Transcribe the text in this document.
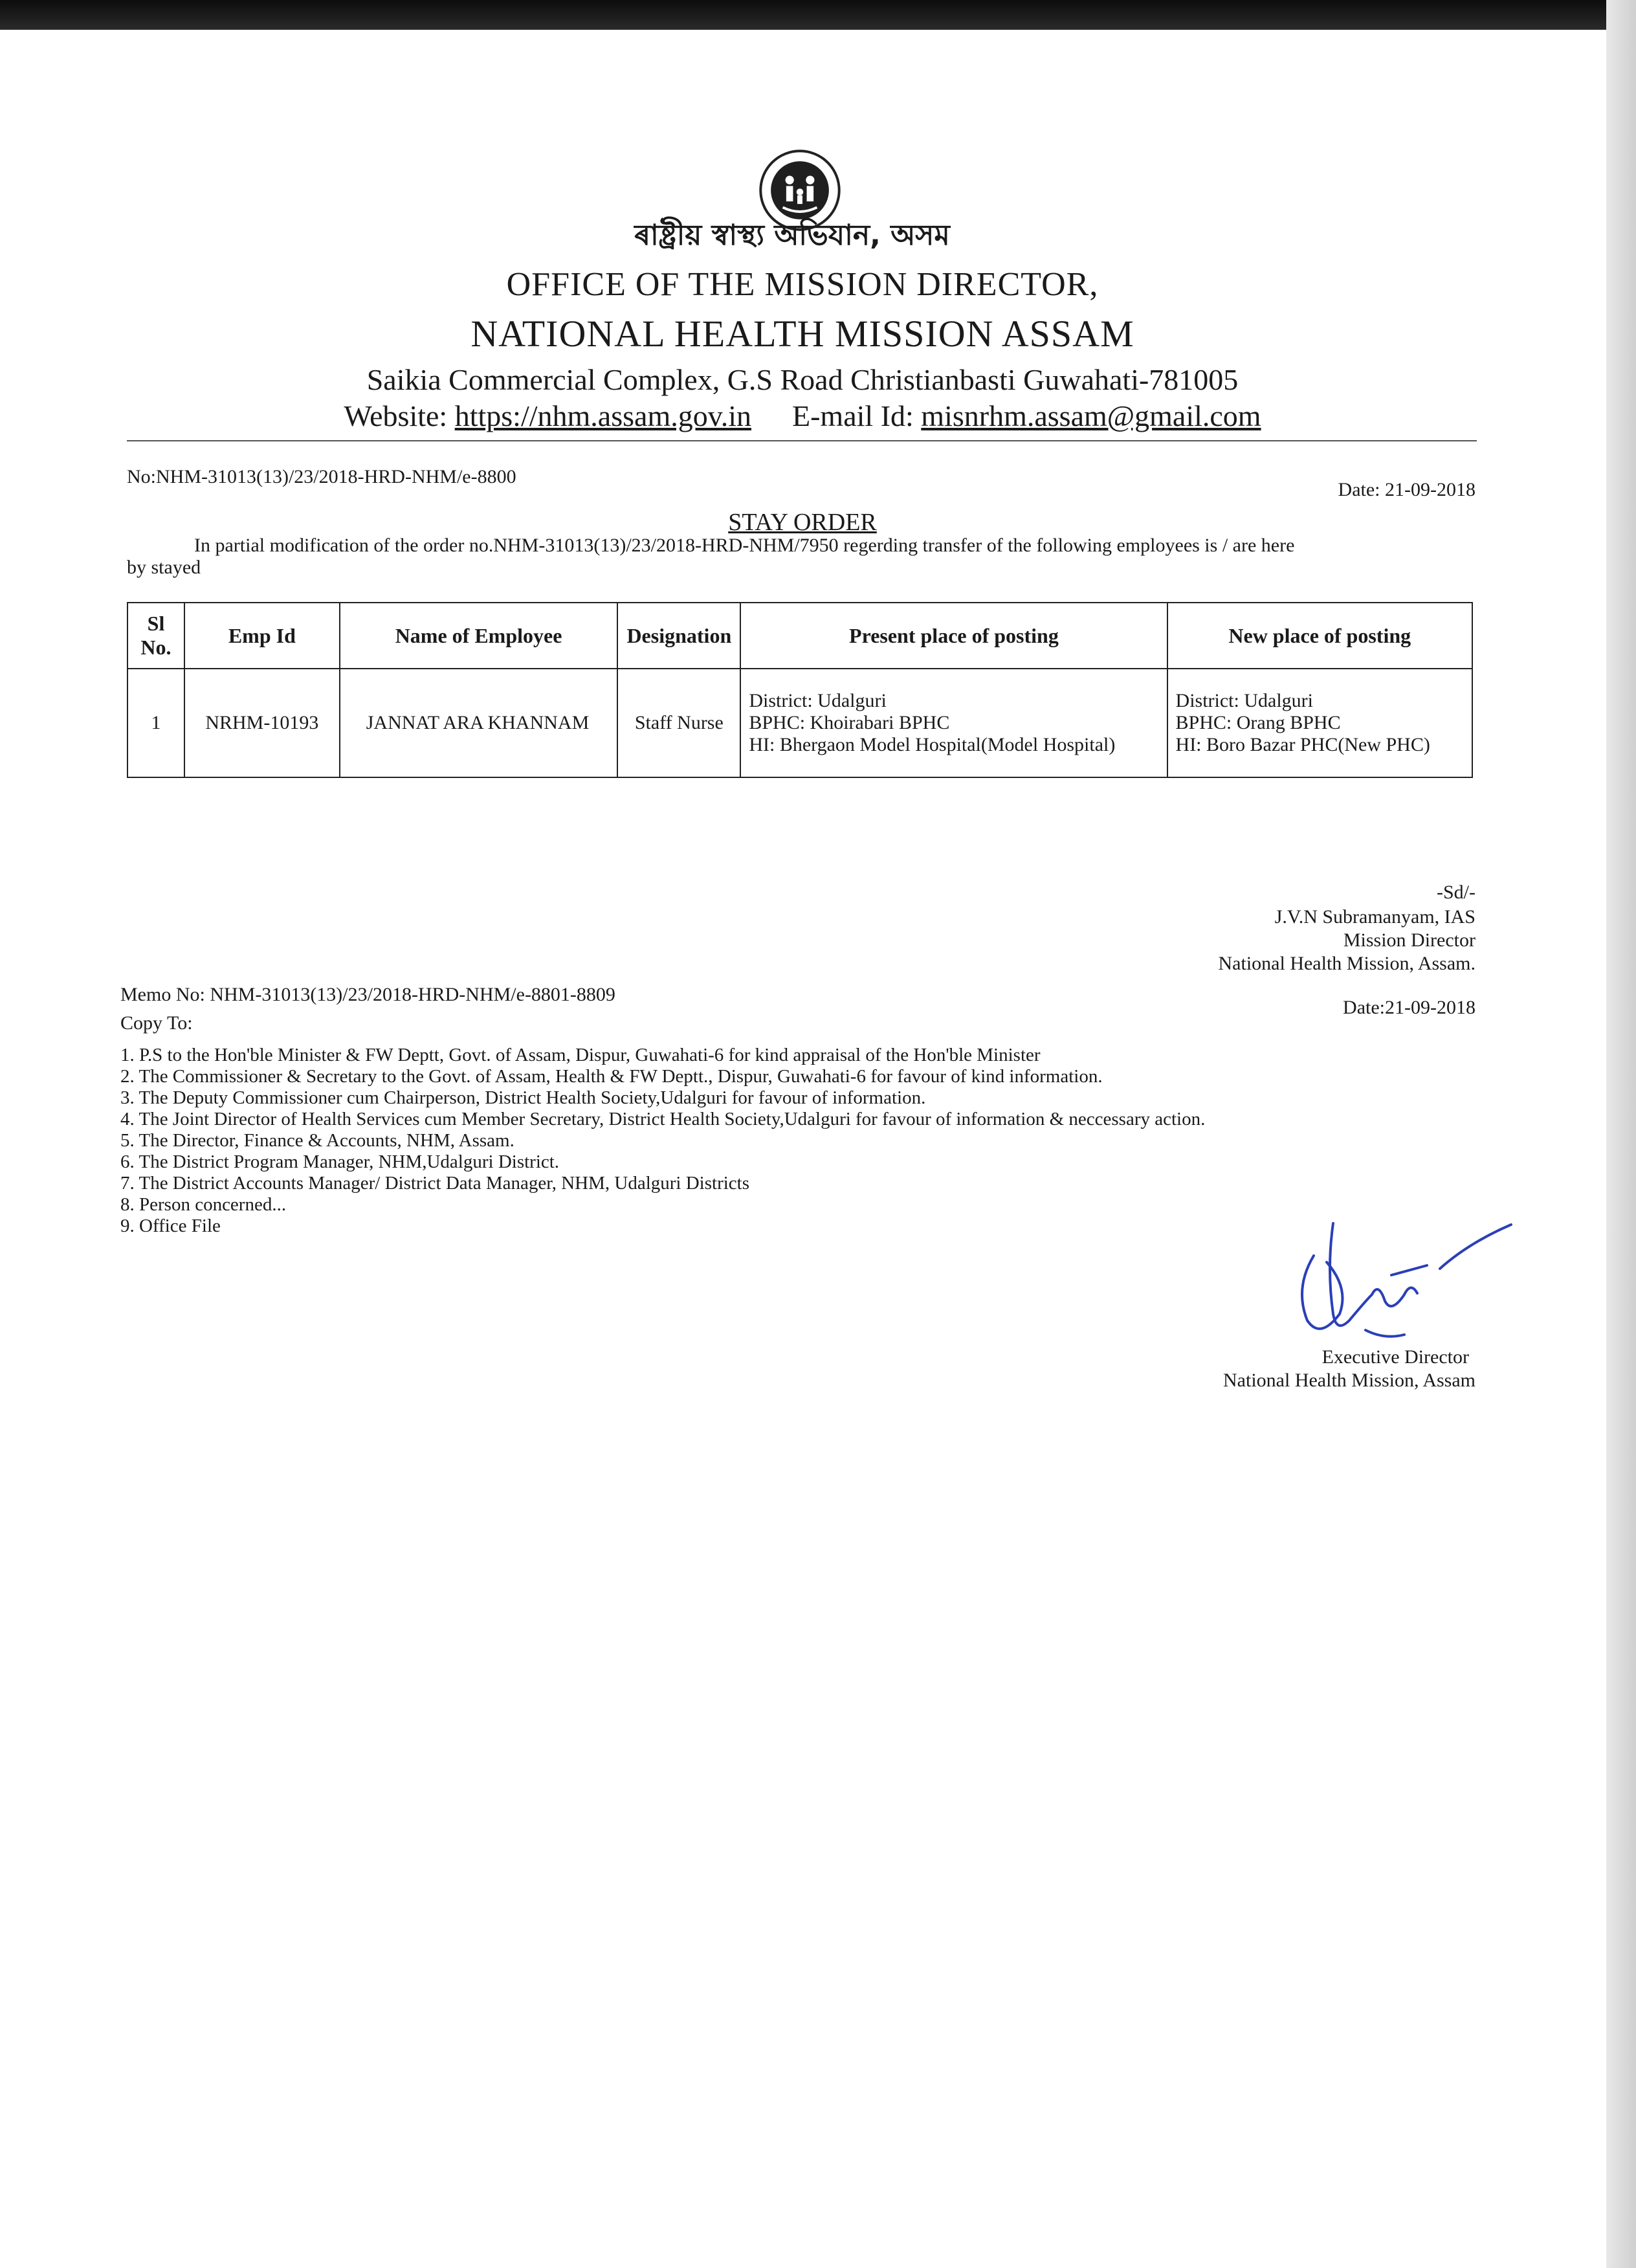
ৰাষ্ট্ৰীয় স্বাস্থ্য অভিযান, অসম
OFFICE OF THE MISSION DIRECTOR,
NATIONAL HEALTH MISSION ASSAM
Saikia Commercial Complex, G.S Road Christianbasti Guwahati-781005
Website: https://nhm.assam.gov.in E-mail Id: misnrhm.assam@gmail.com
No:NHM-31013(13)/23/2018-HRD-NHM/e-8800
Date: 21-09-2018
STAY ORDER
In partial modification of the order no.NHM-31013(13)/23/2018-HRD-NHM/7950 regerding transfer of the following employees is / are here
by stayed
Sl No.	Emp Id	Name of Employee	Designation	Present place of posting	New place of posting
1	NRHM-10193	JANNAT ARA KHANNAM	Staff Nurse	District: Udalguri
BPHC: Khoirabari BPHC
HI: Bhergaon Model Hospital(Model Hospital)	District: Udalguri
BPHC: Orang BPHC
HI: Boro Bazar PHC(New PHC)
-Sd/-
J.V.N Subramanyam, IAS
Mission Director
National Health Mission, Assam.
Memo No: NHM-31013(13)/23/2018-HRD-NHM/e-8801-8809
Date:21-09-2018
Copy To:
1. P.S to the Hon'ble Minister & FW Deptt, Govt. of Assam, Dispur, Guwahati-6 for kind appraisal of the Hon'ble Minister
2. The Commissioner & Secretary to the Govt. of Assam, Health & FW Deptt., Dispur, Guwahati-6 for favour of kind information.
3. The Deputy Commissioner cum Chairperson, District Health Society,Udalguri for favour of information.
4. The Joint Director of Health Services cum Member Secretary, District Health Society,Udalguri for favour of information & neccessary action.
5. The Director, Finance & Accounts, NHM, Assam.
6. The District Program Manager, NHM,Udalguri District.
7. The District Accounts Manager/ District Data Manager, NHM, Udalguri Districts
8. Person concerned...
9. Office File
Executive Director
National Health Mission, Assam
